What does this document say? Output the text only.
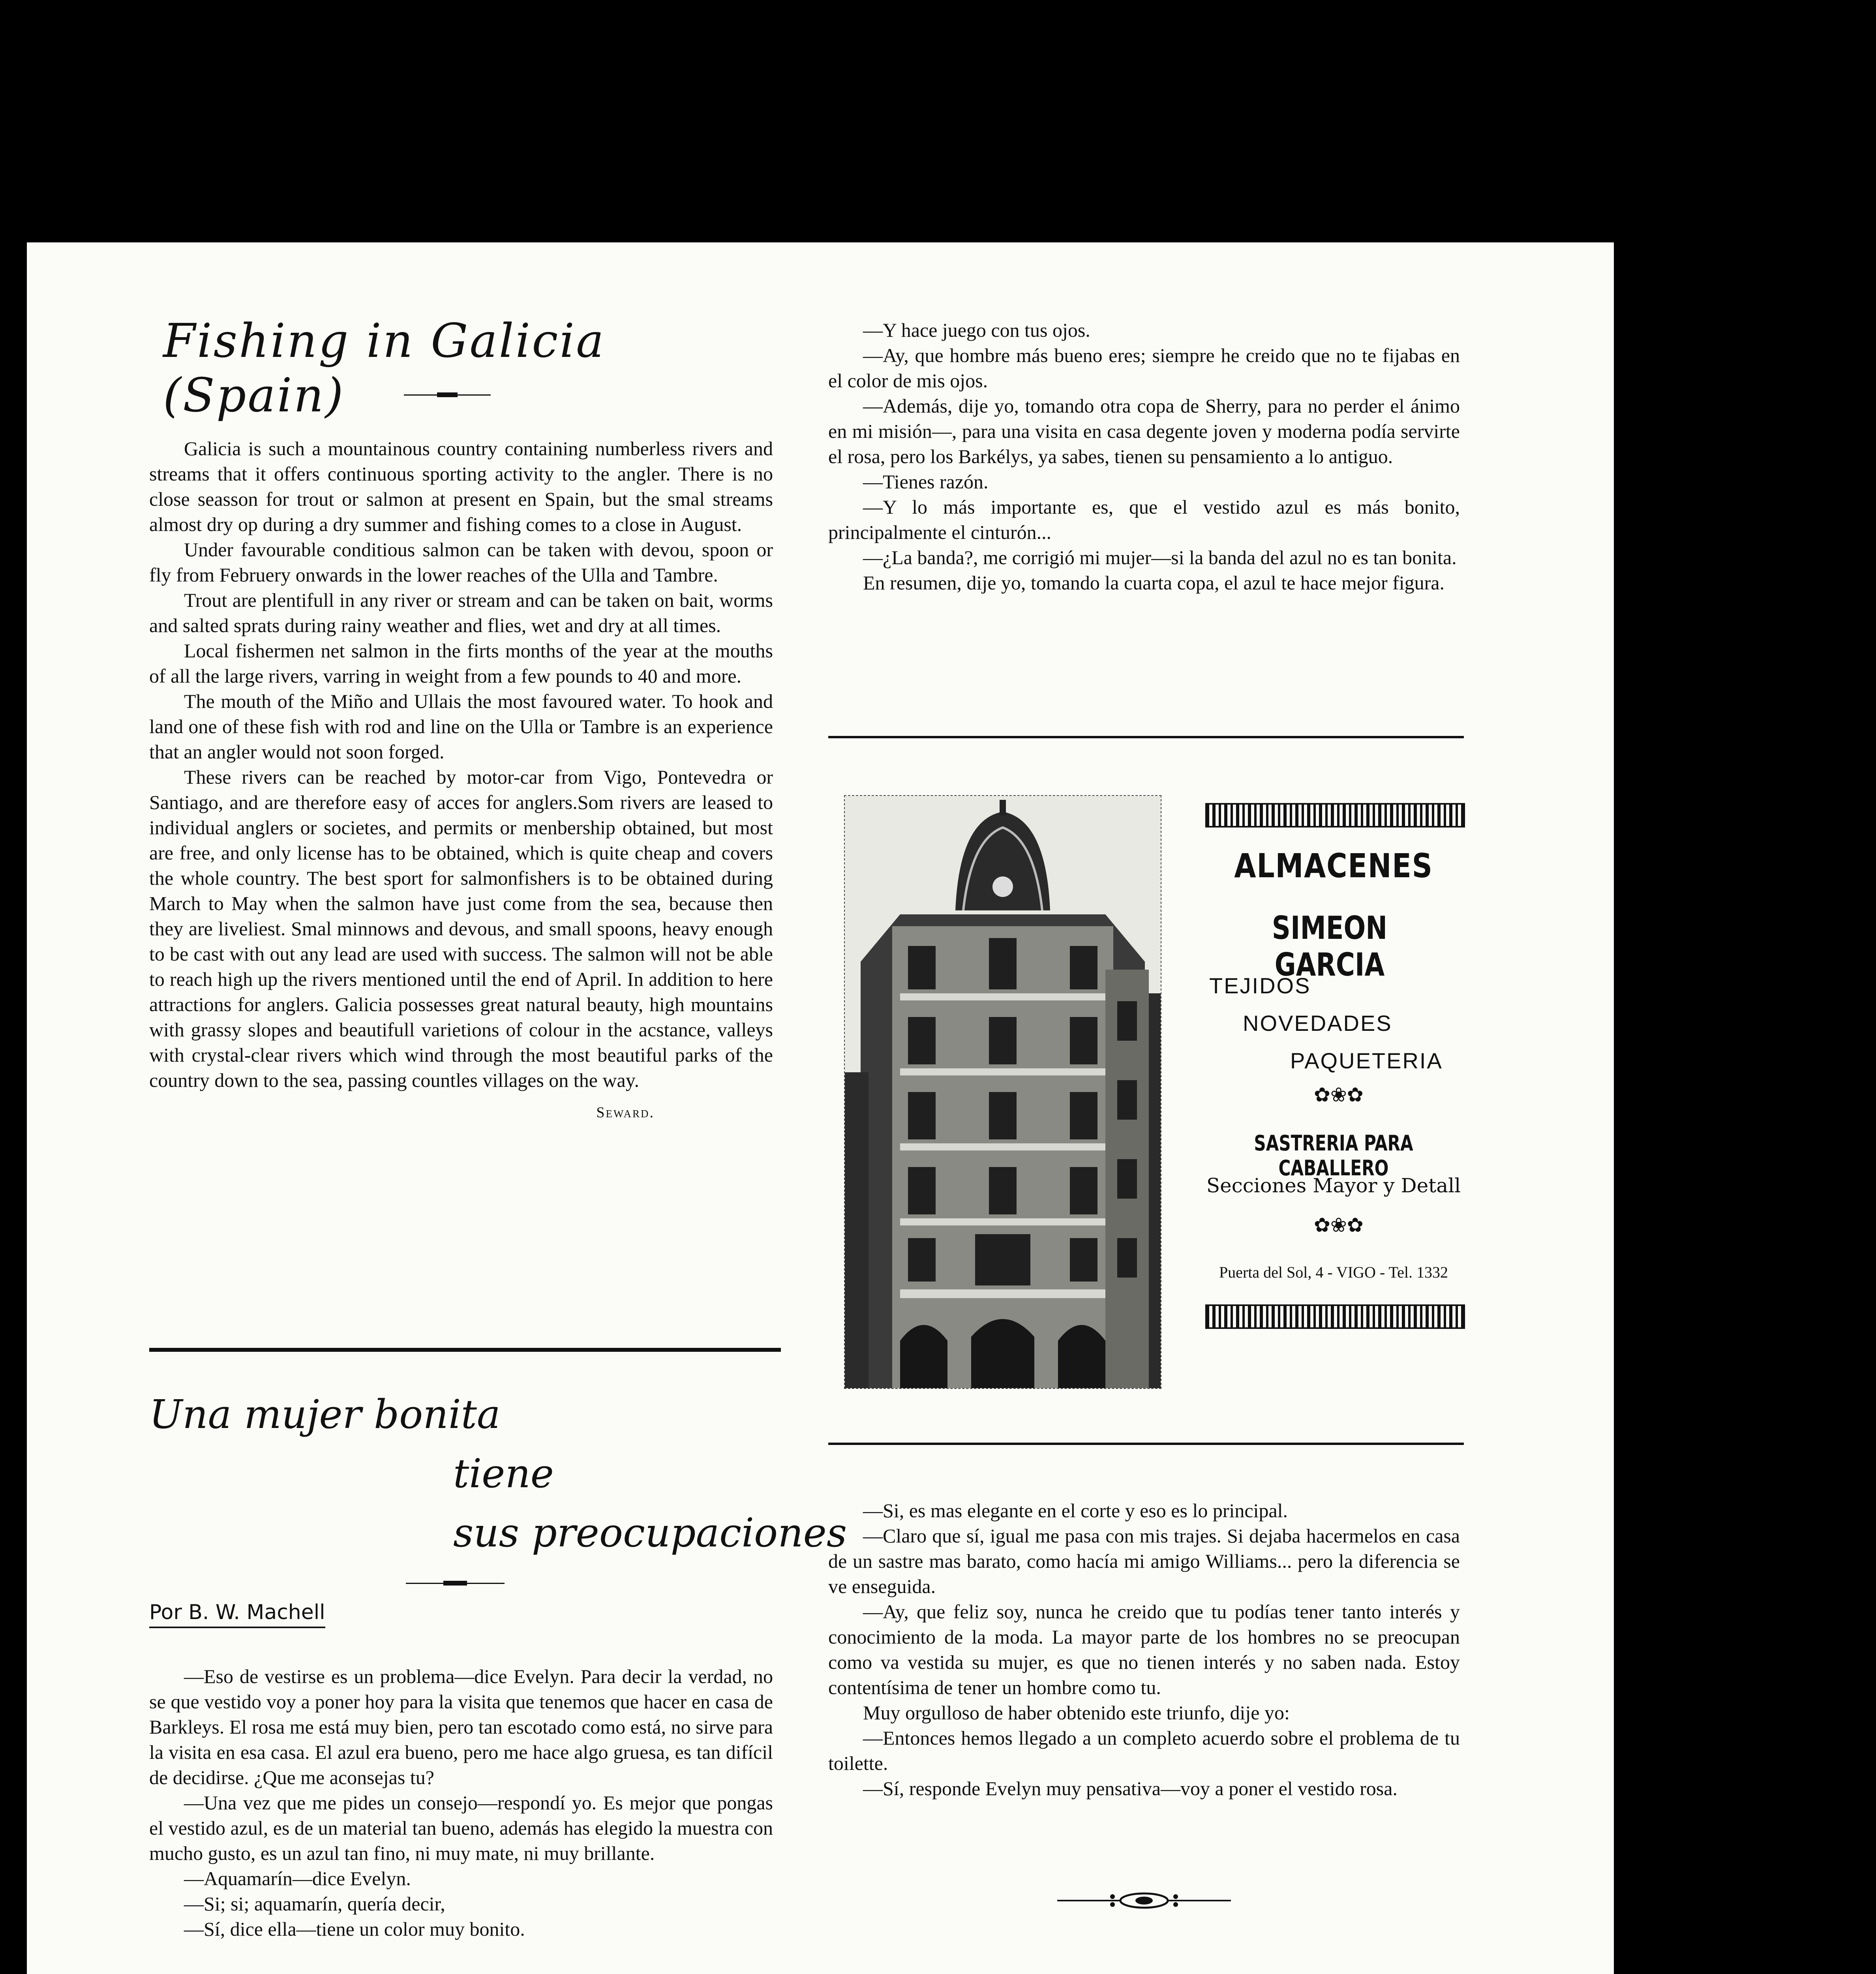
Fishing in Galicia (Spain)

Galicia is such a mountainous country containing numberless rivers and streams that it offers continuous sporting activity to the angler. There is no close seasson for trout or salmon at present en Spain, but the smal streams almost dry op during a dry summer and fishing comes to a close in August.

Under favourable conditious salmon can be taken with devou, spoon or fly from Februery onwards in the lower reaches of the Ulla and Tambre.

Trout are plentifull in any river or stream and can be taken on bait, worms and salted sprats during rainy weather and flies, wet and dry at all times.

Local fishermen net salmon in the firts months of the year at the mouths of all the large rivers, varring in weight from a few pounds to 40 and more.

The mouth of the Miño and Ullais the most favoured water. To hook and land one of these fish with rod and line on the Ulla or Tambre is an experience that an angler would not soon forged.

These rivers can be reached by motor-car from Vigo, Pontevedra or Santiago, and are therefore easy of acces for anglers.Som rivers are leased to individual anglers or societes, and permits or menbership obtained, but most are free, and only license has to be obtained, which is quite cheap and covers the whole country. The best sport for salmonfishers is to be obtained during March to May when the salmon have just come from the sea, because then they are liveliest. Smal minnows and devous, and small spoons, heavy enough to be cast with out any lead are used with success. The salmon will not be able to reach high up the rivers mentioned until the end of April. In addition to here attractions for anglers. Galicia possesses great natural beauty, high mountains with grassy slopes and beautifull varietions of colour in the acstance, valleys with crystal-clear rivers which wind through the most beautiful parks of the country down to the sea, passing countles villages on the way.

Seward.
Una mujer bonita
tiene
sus preocupaciones
Por B. W. Machell

—Eso de vestirse es un problema—dice Evelyn. Para decir la verdad, no se que vestido voy a poner hoy para la visita que tenemos que hacer en casa de Barkleys. El rosa me está muy bien, pero tan escotado como está, no sirve para la visita en esa casa. El azul era bueno, pero me hace algo gruesa, es tan difícil de decidirse. ¿Que me aconsejas tu?

—Una vez que me pides un consejo—respondí yo. Es mejor que pongas el vestido azul, es de un material tan bueno, además has elegido la muestra con mucho gusto, es un azul tan fino, ni muy mate, ni muy brillante.

—Aquamarín—dice Evelyn.

—Si; si; aquamarín, quería decir,

—Sí, dice ella—tiene un color muy bonito.

—Y hace juego con tus ojos.

—Ay, que hombre más bueno eres; siempre he creido que no te fijabas en el color de mis ojos.

—Además, dije yo, tomando otra copa de Sherry, para no perder el ánimo en mi misión—, para una visita en casa degente joven y moderna podía servirte el rosa, pero los Barkélys, ya sabes, tienen su pensamiento a lo antiguo.

—Tienes razón.

—Y lo más importante es, que el vestido azul es más bonito, principalmente el cinturón...

—¿La banda?, me corrigió mi mujer—si la banda del azul no es tan bonita.

En resumen, dije yo, tomando la cuarta copa, el azul te hace mejor figura.

ALMACENES
SIMEON GARCIA
TEJIDOS
NOVEDADES
PAQUETERIA
✿❀✿
SASTRERIA PARA CABALLERO
Secciones Mayor y Detall
✿❀✿
Puerta del Sol, 4 - VIGO - Tel. 1332

—Si, es mas elegante en el corte y eso es lo principal.

—Claro que sí, igual me pasa con mis trajes. Si dejaba hacermelos en casa de un sastre mas barato, como hacía mi amigo Williams... pero la diferencia se ve enseguida.

—Ay, que feliz soy, nunca he creido que tu podías tener tanto interés y conocimiento de la moda. La mayor parte de los hombres no se preocupan como va vestida su mujer, es que no tienen interés y no saben nada. Estoy contentísima de tener un hombre como tu.

Muy orgulloso de haber obtenido este triunfo, dije yo:

—Entonces hemos llegado a un completo acuerdo sobre el problema de tu toilette.

—Sí, responde Evelyn muy pensativa—voy a poner el vestido rosa.
